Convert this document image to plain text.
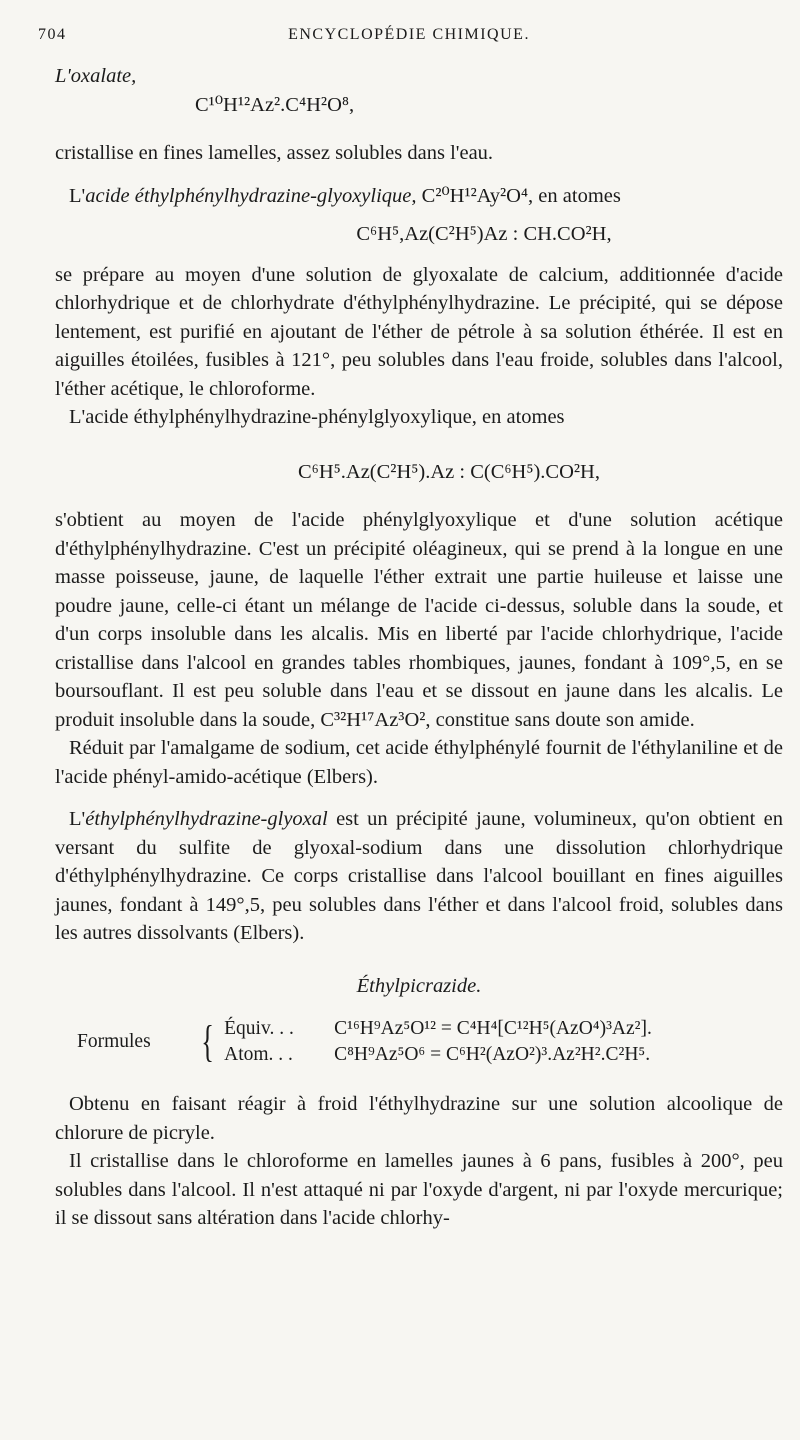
704	ENCYCLOPÉDIE CHIMIQUE.

L'oxalate,

C¹⁰H¹²Az².C⁴H²O⁸,

cristallise en fines lamelles, assez solubles dans l'eau.

L'acide éthylphénylhydrazine-glyoxylique, C²⁰H¹²Ay²O⁴, en atomes

C⁶H⁵,Az(C²H⁵)Az : CH.CO²H,

se prépare au moyen d'une solution de glyoxalate de calcium, additionnée d'acide chlorhydrique et de chlorhydrate d'éthylphénylhydrazine. Le précipité, qui se dépose lentement, est purifié en ajoutant de l'éther de pétrole à sa solution éthérée. Il est en aiguilles étoilées, fusibles à 121°, peu solubles dans l'eau froide, solubles dans l'alcool, l'éther acétique, le chloroforme.

L'acide éthylphénylhydrazine-phénylglyoxylique, en atomes

C⁶H⁵.Az(C²H⁵).Az : C(C⁶H⁵).CO²H,

s'obtient au moyen de l'acide phénylglyoxylique et d'une solution acétique d'éthylphénylhydrazine. C'est un précipité oléagineux, qui se prend à la longue en une masse poisseuse, jaune, de laquelle l'éther extrait une partie huileuse et laisse une poudre jaune, celle-ci étant un mélange de l'acide ci-dessus, soluble dans la soude, et d'un corps insoluble dans les alcalis. Mis en liberté par l'acide chlorhydrique, l'acide cristallise dans l'alcool en grandes tables rhombiques, jaunes, fondant à 109°,5, en se boursouflant. Il est peu soluble dans l'eau et se dissout en jaune dans les alcalis. Le produit insoluble dans la soude, C³²H¹⁷Az³O², constitue sans doute son amide.

Réduit par l'amalgame de sodium, cet acide éthylphénylé fournit de l'éthylaniline et de l'acide phényl-amido-acétique (Elbers).

L'éthylphénylhydrazine-glyoxal est un précipité jaune, volumineux, qu'on obtient en versant du sulfite de glyoxal-sodium dans une dissolution chlorhydrique d'éthylphénylhydrazine. Ce corps cristallise dans l'alcool bouillant en fines aiguilles jaunes, fondant à 149°,5, peu solubles dans l'éther et dans l'alcool froid, solubles dans les autres dissolvants (Elbers).

Éthylpicrazide.

Formules	{ Équiv. . .	C¹⁶H⁹Az⁵O¹² = C⁴H⁴[C¹²H⁵(AzO⁴)³Az²].
Atom. . .	C⁸H⁹Az⁵O⁶ = C⁶H²(AzO²)³.Az²H².C²H⁵.

Obtenu en faisant réagir à froid l'éthylhydrazine sur une solution alcoolique de chlorure de picryle.

Il cristallise dans le chloroforme en lamelles jaunes à 6 pans, fusibles à 200°, peu solubles dans l'alcool. Il n'est attaqué ni par l'oxyde d'argent, ni par l'oxyde mercurique; il se dissout sans altération dans l'acide chlorhy-
